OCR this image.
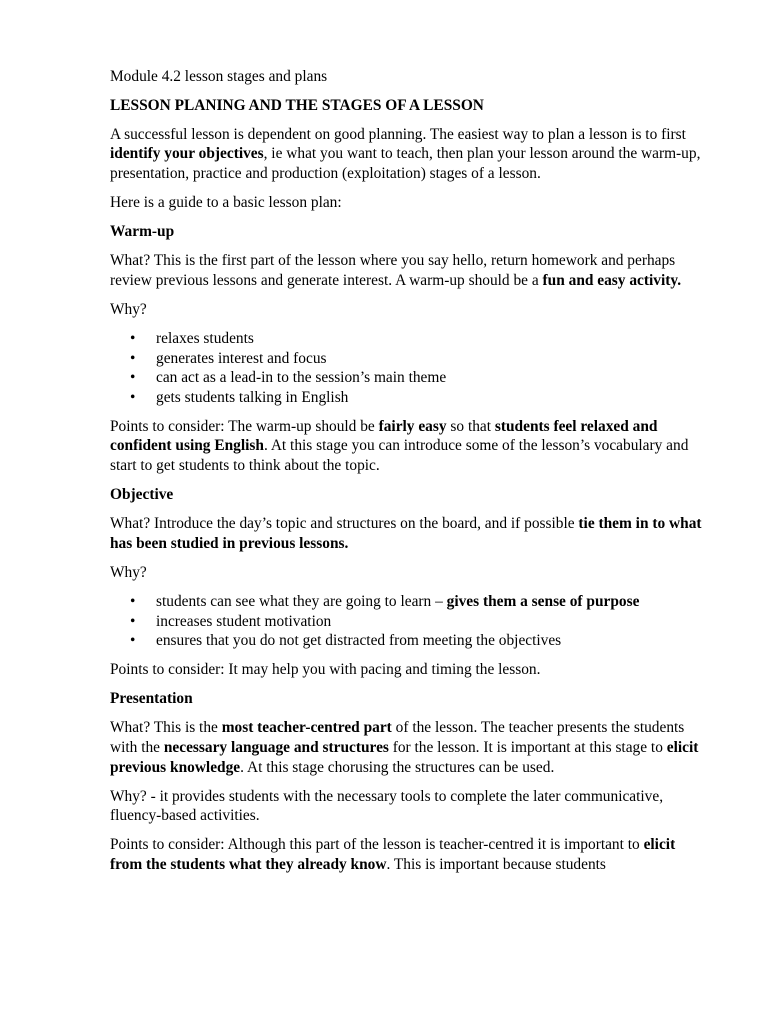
Module 4.2 lesson stages and plans

LESSON PLANING AND THE STAGES OF A LESSON

A successful lesson is dependent on good planning. The easiest way to plan a lesson is to first identify your objectives, ie what you want to teach, then plan your lesson around the warm-up, presentation, practice and production (exploitation) stages of a lesson.

Here is a guide to a basic lesson plan:

Warm-up

What? This is the first part of the lesson where you say hello, return homework and perhaps review previous lessons and generate interest. A warm-up should be a fun and easy activity.

Why?

• relaxes students
• generates interest and focus
• can act as a lead-in to the session’s main theme
• gets students talking in English

Points to consider: The warm-up should be fairly easy so that students feel relaxed and confident using English. At this stage you can introduce some of the lesson’s vocabulary and start to get students to think about the topic.

Objective

What? Introduce the day’s topic and structures on the board, and if possible tie them in to what has been studied in previous lessons.

Why?

• students can see what they are going to learn – gives them a sense of purpose
• increases student motivation
• ensures that you do not get distracted from meeting the objectives

Points to consider: It may help you with pacing and timing the lesson.

Presentation

What? This is the most teacher-centred part of the lesson. The teacher presents the students with the necessary language and structures for the lesson. It is important at this stage to elicit previous knowledge. At this stage chorusing the structures can be used.

Why? - it provides students with the necessary tools to complete the later communicative, fluency-based activities.

Points to consider: Although this part of the lesson is teacher-centred it is important to elicit from the students what they already know. This is important because students
